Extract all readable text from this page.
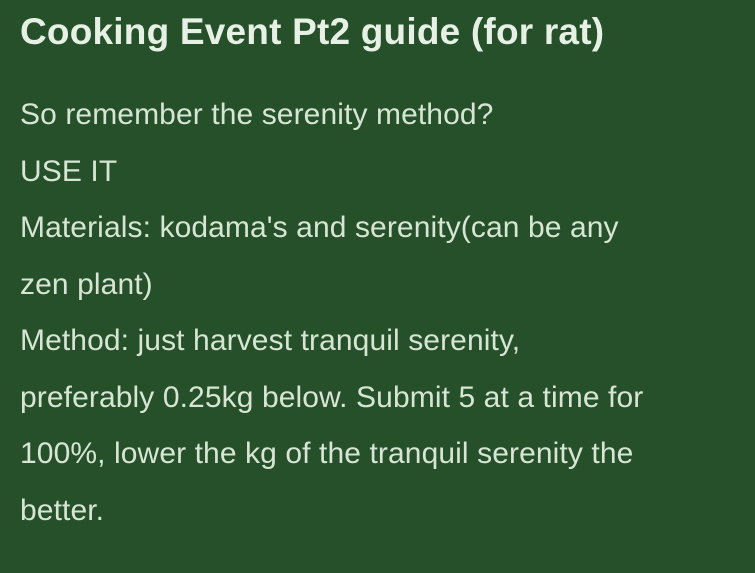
Cooking Event Pt2 guide (for rat)
So remember the serenity method?
USE IT
Materials: kodama's and serenity(can be any
zen plant)
Method: just harvest tranquil serenity,
preferably 0.25kg below. Submit 5 at a time for
100%, lower the kg of the tranquil serenity the
better.
